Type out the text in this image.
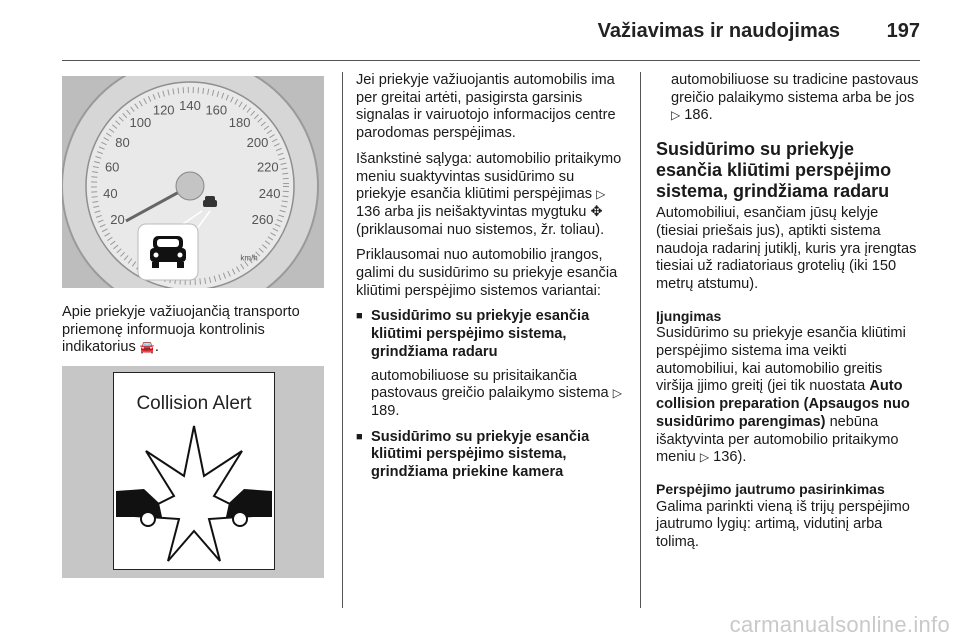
Važiavimas ir naudojimas 197
20
40
60
80
100
120 140 160
180
200
220
240
260
km/h

Apie priekyje važiuojančią transporto priemonę informuoja kontrolinis indikatorius 🚘.

Collision Alert

Jei priekyje važiuojantis automobilis ima per greitai artėti, pasigirsta garsinis signalas ir vairuotojo informacijos centre parodomas perspėjimas.

Išankstinė sąlyga: automobilio pritaikymo meniu suaktyvintas susidūrimo su priekyje esančia kliūtimi perspėjimas ▷ 136 arba jis neišaktyvintas mygtuku ✥ (priklausomai nuo sistemos, žr. toliau).

Priklausomai nuo automobilio įrangos, galimi du susidūrimo su priekyje esančia kliūtimi perspėjimo sistemos variantai:

■ Susidūrimo su priekyje esančia kliūtimi perspėjimo sistema, grindžiama radaru
automobiliuose su prisitaikančia pastovaus greičio palaikymo sistema ▷ 189.
■ Susidūrimo su priekyje esančia kliūtimi perspėjimo sistema, grindžiama priekine kamera

automobiliuose su tradicine pastovaus greičio palaikymo sistema arba be jos ▷ 186.

Susidūrimo su priekyje esančia kliūtimi perspėjimo sistema, grindžiama radaru

Automobiliui, esančiam jūsų kelyje (tiesiai priešais jus), aptikti sistema naudoja radarinį jutiklį, kuris yra įrengtas tiesiai už radiatoriaus grotelių (iki 150 metrų atstumu).

Įjungimas

Susidūrimo su priekyje esančia kliūtimi perspėjimo sistema ima veikti automobiliui, kai automobilio greitis viršija įjimo greitį (jei tik nuostata Auto collision preparation (Apsaugos nuo susidūrimo parengimas) nebūna išaktyvinta per automobilio pritaikymo meniu ▷ 136).

Perspėjimo jautrumo pasirinkimas

Galima parinkti vieną iš trijų perspėjimo jautrumo lygių: artimą, vidutinį arba tolimą.

carmanualsonline.info
